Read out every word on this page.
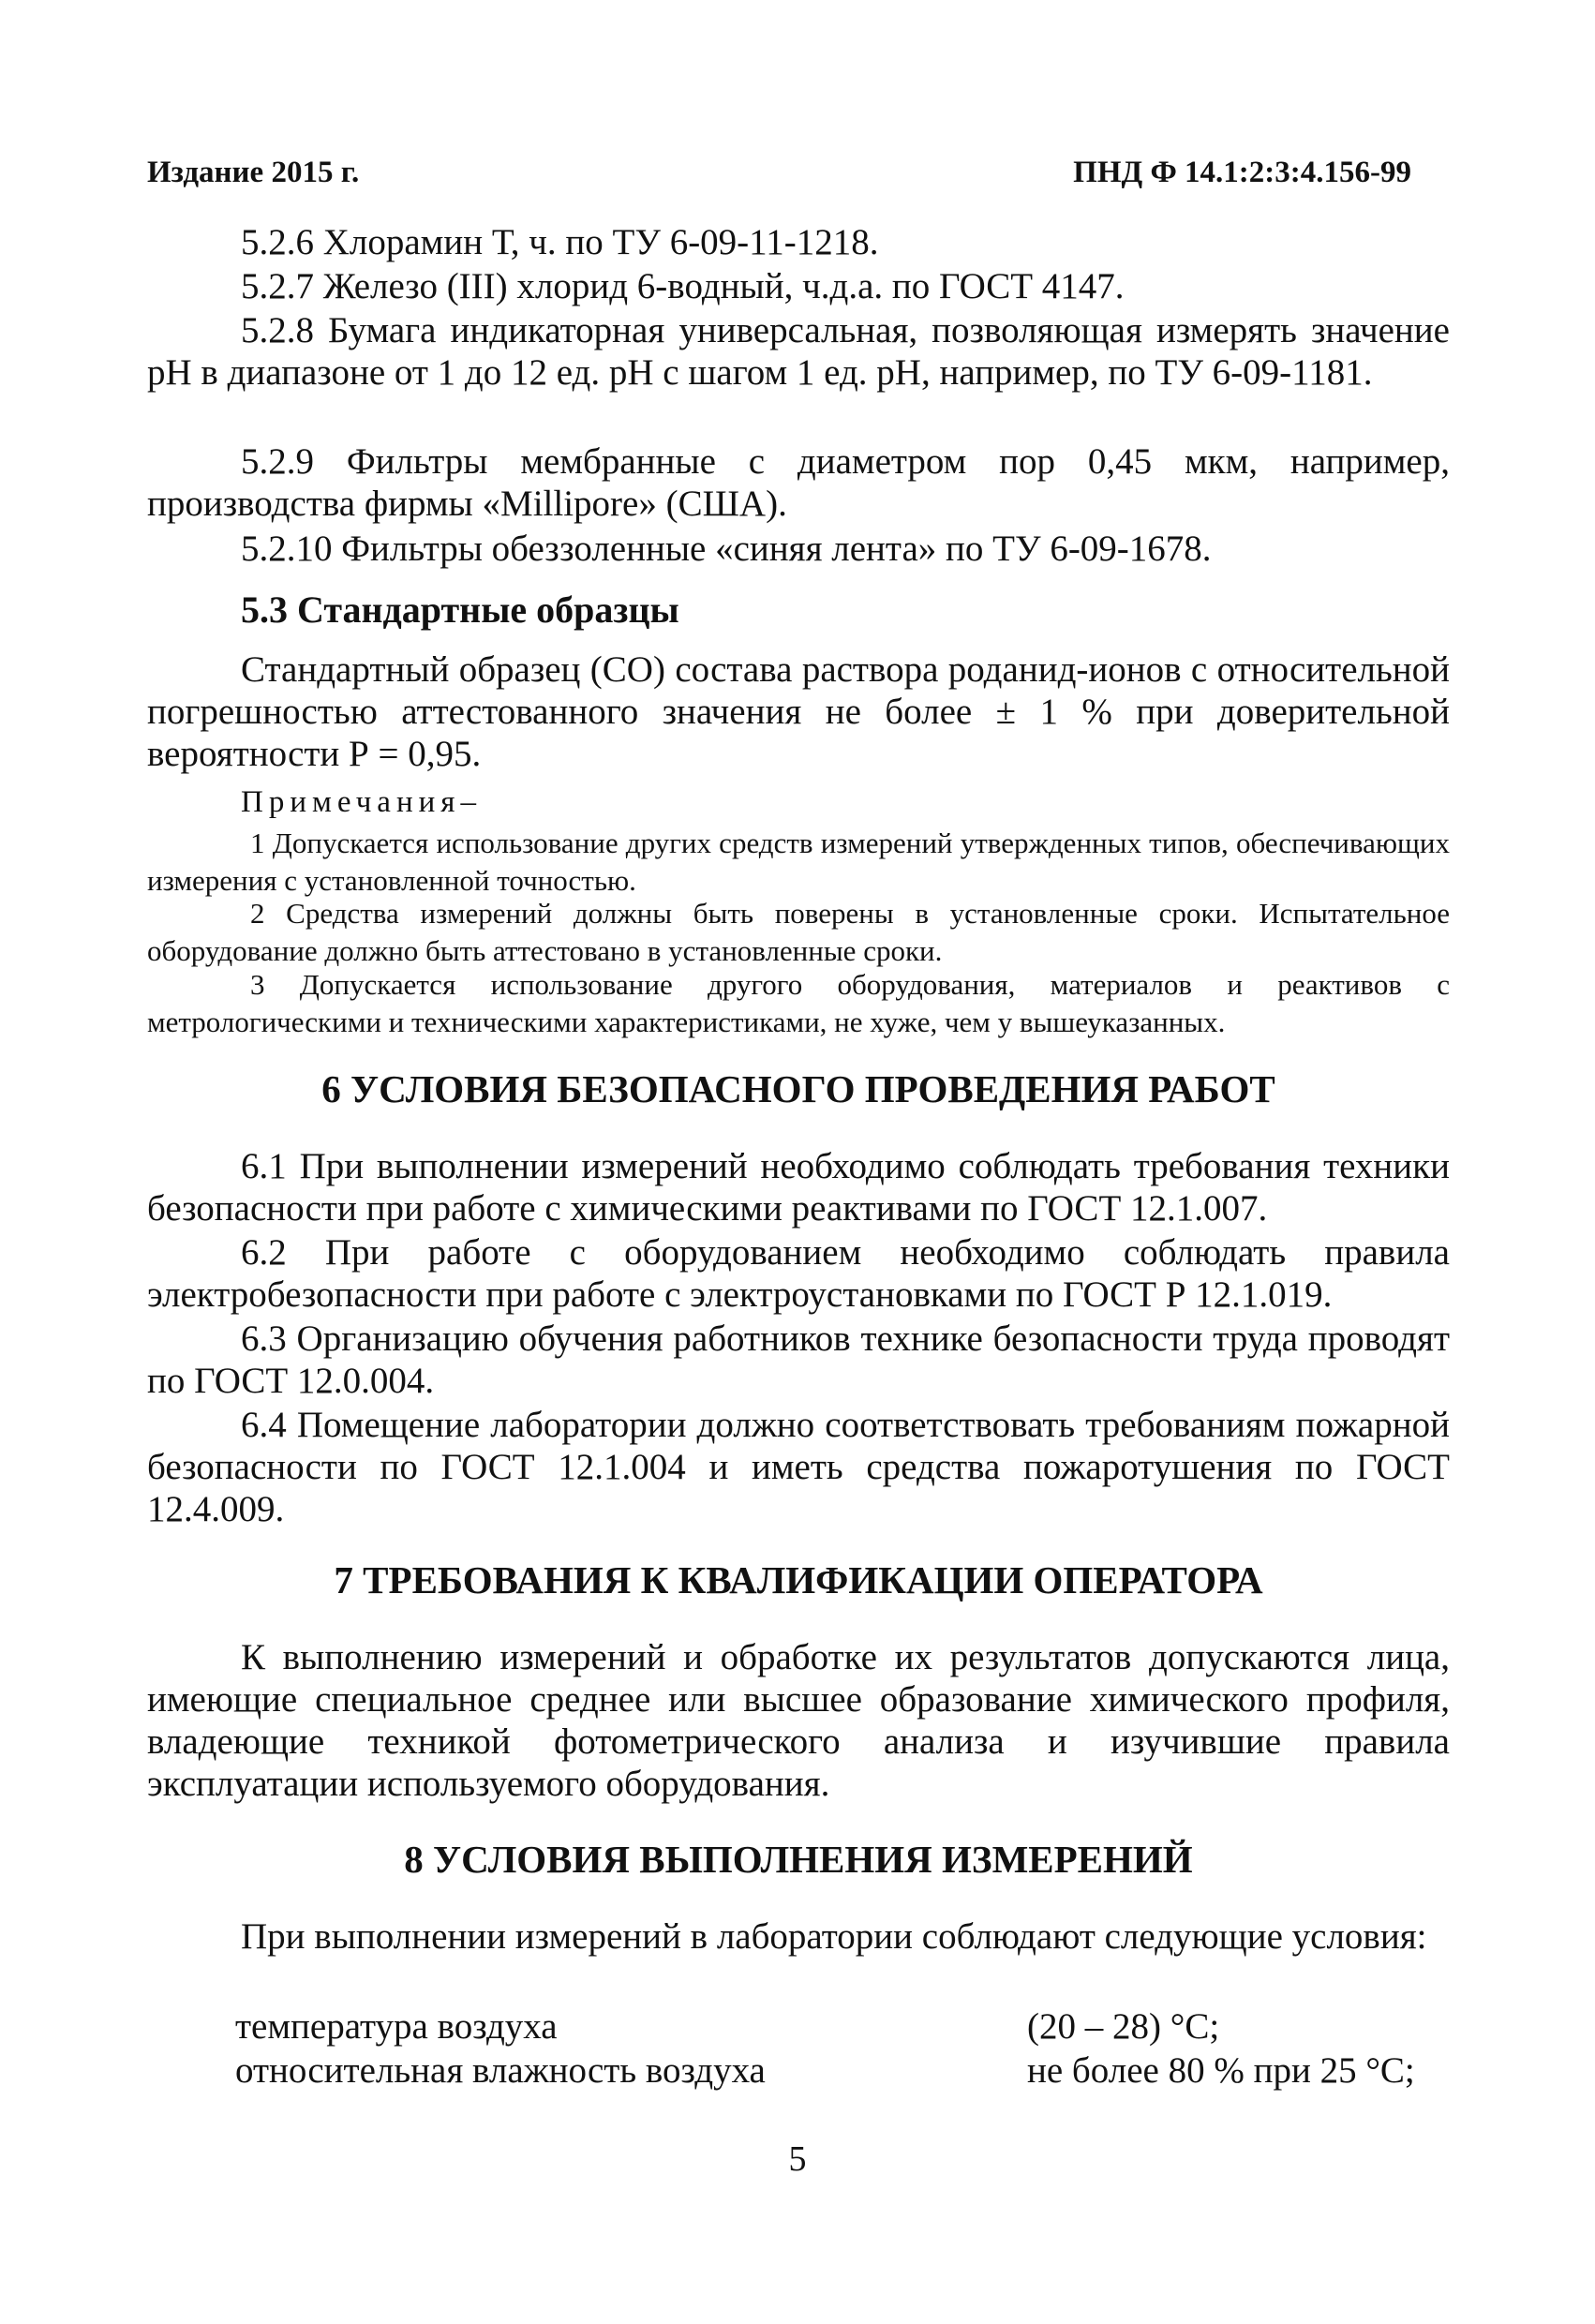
Издание 2015 г.	ПНД Ф 14.1:2:3:4.156-99
5.2.6 Хлорамин Т, ч. по ТУ 6-09-11-1218.
5.2.7 Железо (III) хлорид 6-водный, ч.д.а. по ГОСТ 4147.
5.2.8 Бумага индикаторная универсальная, позволяющая измерять значение pH в диапазоне от 1 до 12 ед. pH с шагом 1 ед. pH, например, по ТУ 6-09-1181.
5.2.9 Фильтры мембранные с диаметром пор 0,45 мкм, например, производства фирмы «Millipore» (США).
5.2.10 Фильтры обеззоленные «синяя лента» по ТУ 6-09-1678.
5.3 Стандартные образцы
Стандартный образец (СО) состава раствора роданид-ионов с относительной погрешностью аттестованного значения не более ± 1 % при доверительной вероятности Р = 0,95.
Примечания–
1 Допускается использование других средств измерений утвержденных типов, обеспечивающих измерения с установленной точностью.
2 Средства измерений должны быть поверены в установленные сроки. Испытательное оборудование должно быть аттестовано в установленные сроки.
3 Допускается использование другого оборудования, материалов и реактивов с метрологическими и техническими характеристиками, не хуже, чем у вышеуказанных.
6 УСЛОВИЯ БЕЗОПАСНОГО ПРОВЕДЕНИЯ РАБОТ
6.1 При выполнении измерений необходимо соблюдать требования техники безопасности при работе с химическими реактивами по ГОСТ 12.1.007.
6.2 При работе с оборудованием необходимо соблюдать правила электробезопасности при работе с электроустановками по ГОСТ Р 12.1.019.
6.3 Организацию обучения работников технике безопасности труда проводят по ГОСТ 12.0.004.
6.4 Помещение лаборатории должно соответствовать требованиям пожарной безопасности по ГОСТ 12.1.004 и иметь средства пожаротушения по ГОСТ 12.4.009.
7 ТРЕБОВАНИЯ К КВАЛИФИКАЦИИ ОПЕРАТОРА
К выполнению измерений и обработке их результатов допускаются лица, имеющие специальное среднее или высшее образование химического профиля, владеющие техникой фотометрического анализа и изучившие правила эксплуатации используемого оборудования.
8 УСЛОВИЯ ВЫПОЛНЕНИЯ ИЗМЕРЕНИЙ
При выполнении измерений в лаборатории соблюдают следующие условия:
температура воздуха	(20 – 28) °С;
относительная влажность воздуха	не более 80 % при 25 °С;
5
